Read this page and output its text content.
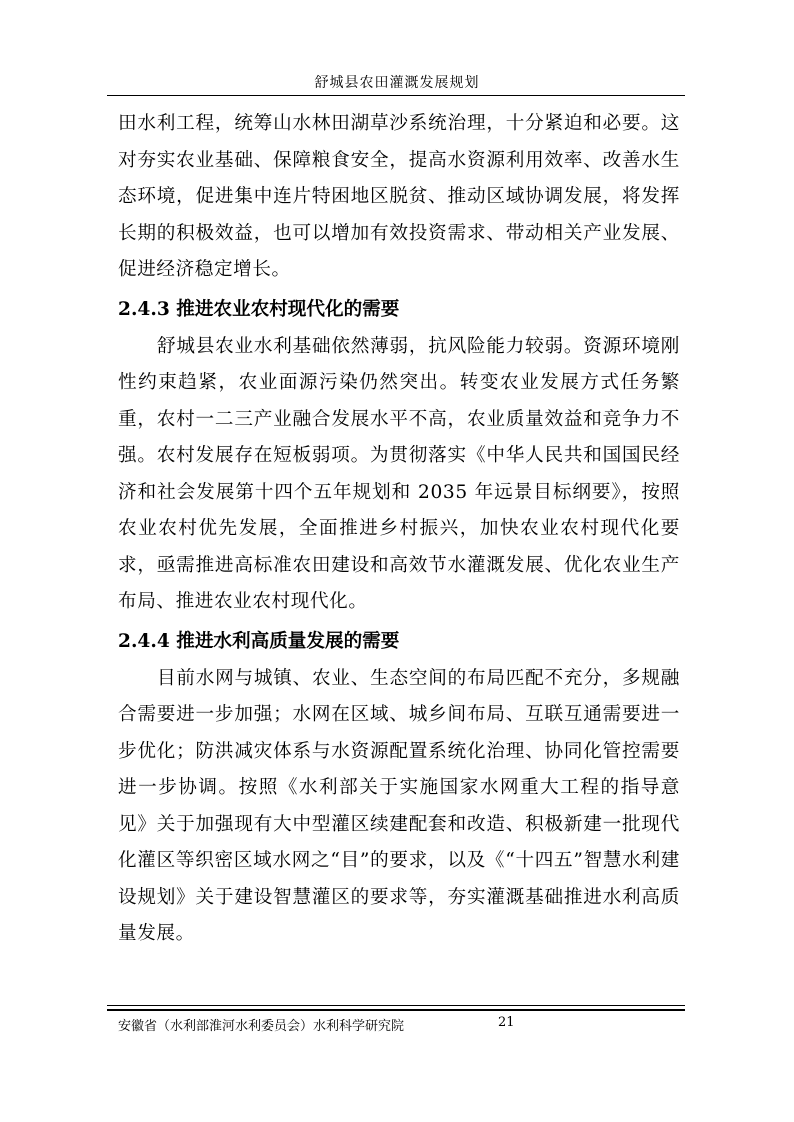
舒城县农田灌溉发展规划

田水利工程，统筹山水林田湖草沙系统治理，十分紧迫和必要。这对夯实农业基础、保障粮食安全，提高水资源利用效率、改善水生态环境，促进集中连片特困地区脱贫、推动区域协调发展，将发挥长期的积极效益，也可以增加有效投资需求、带动相关产业发展、促进经济稳定增长。

2.4.3 推进农业农村现代化的需要

舒城县农业水利基础依然薄弱，抗风险能力较弱。资源环境刚性约束趋紧，农业面源污染仍然突出。转变农业发展方式任务繁重，农村一二三产业融合发展水平不高，农业质量效益和竞争力不强。农村发展存在短板弱项。为贯彻落实《中华人民共和国国民经济和社会发展第十四个五年规划和 2035 年远景目标纲要》，按照农业农村优先发展，全面推进乡村振兴，加快农业农村现代化要求，亟需推进高标准农田建设和高效节水灌溉发展、优化农业生产布局、推进农业农村现代化。

2.4.4 推进水利高质量发展的需要

目前水网与城镇、农业、生态空间的布局匹配不充分，多规融合需要进一步加强；水网在区域、城乡间布局、互联互通需要进一步优化；防洪减灾体系与水资源配置系统化治理、协同化管控需要进一步协调。按照《水利部关于实施国家水网重大工程的指导意见》关于加强现有大中型灌区续建配套和改造、积极新建一批现代化灌区等织密区域水网之“目”的要求，以及《“十四五”智慧水利建设规划》关于建设智慧灌区的要求等，夯实灌溉基础推进水利高质量发展。

安徽省（水利部淮河水利委员会）水利科学研究院	21
